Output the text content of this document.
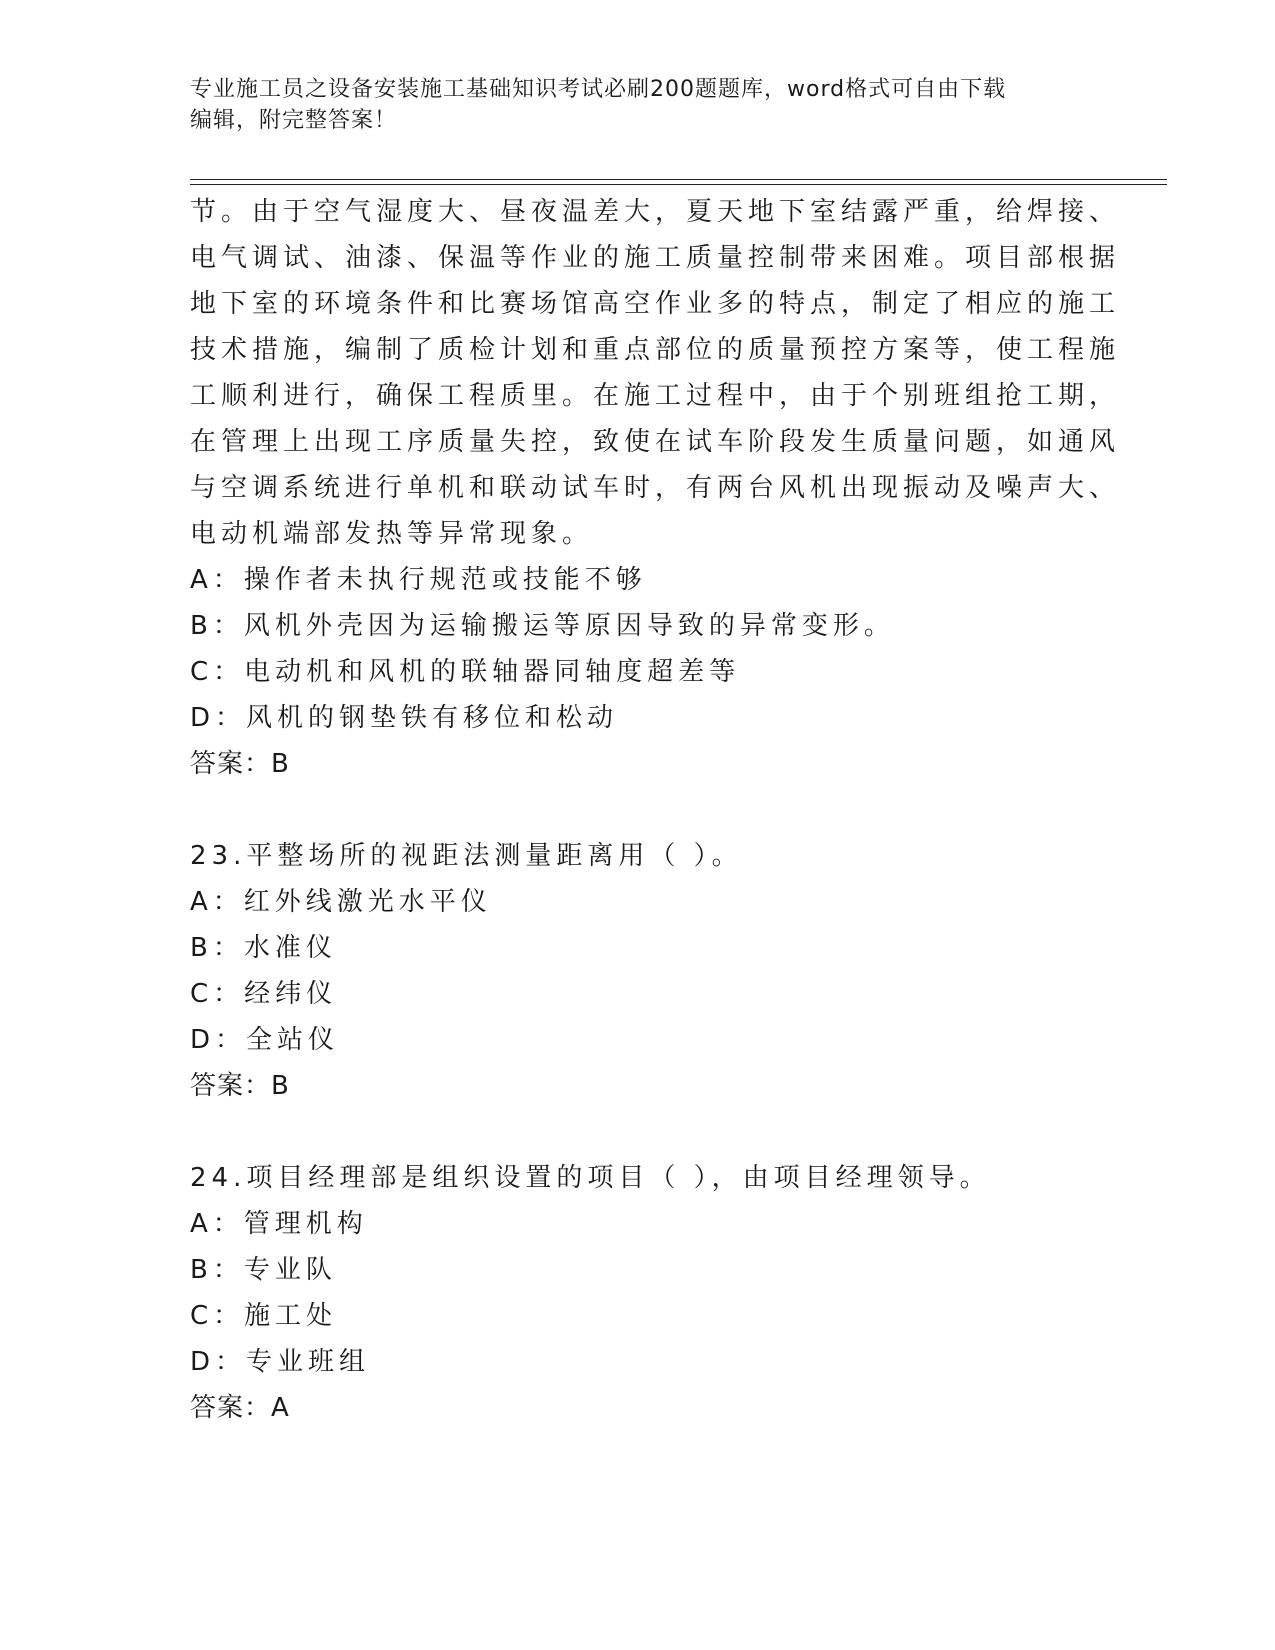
专业施工员之设备安装施工基础知识考试必刷200题题库，word格式可自由下载
编辑，附完整答案！
节。由于空气湿度大、昼夜温差大，夏天地下室结露严重，给焊接、
电气调试、油漆、保温等作业的施工质量控制带来困难。项目部根据
地下室的环境条件和比赛场馆高空作业多的特点，制定了相应的施工
技术措施，编制了质检计划和重点部位的质量预控方案等，使工程施
工顺利进行，确保工程质里。在施工过程中，由于个别班组抢工期，
在管理上出现工序质量失控，致使在试车阶段发生质量问题，如通风
与空调系统进行单机和联动试车时，有两台风机出现振动及噪声大、
电动机端部发热等异常现象。
A：操作者未执行规范或技能不够
B：风机外壳因为运输搬运等原因导致的异常变形。
C：电动机和风机的联轴器同轴度超差等
D：风机的钢垫铁有移位和松动
答案：B
23.平整场所的视距法测量距离用（ ）。
A：红外线激光水平仪
B：水准仪
C：经纬仪
D：全站仪
答案：B
24.项目经理部是组织设置的项目（ ），由项目经理领导。
A：管理机构
B：专业队
C：施工处
D：专业班组
答案：A
